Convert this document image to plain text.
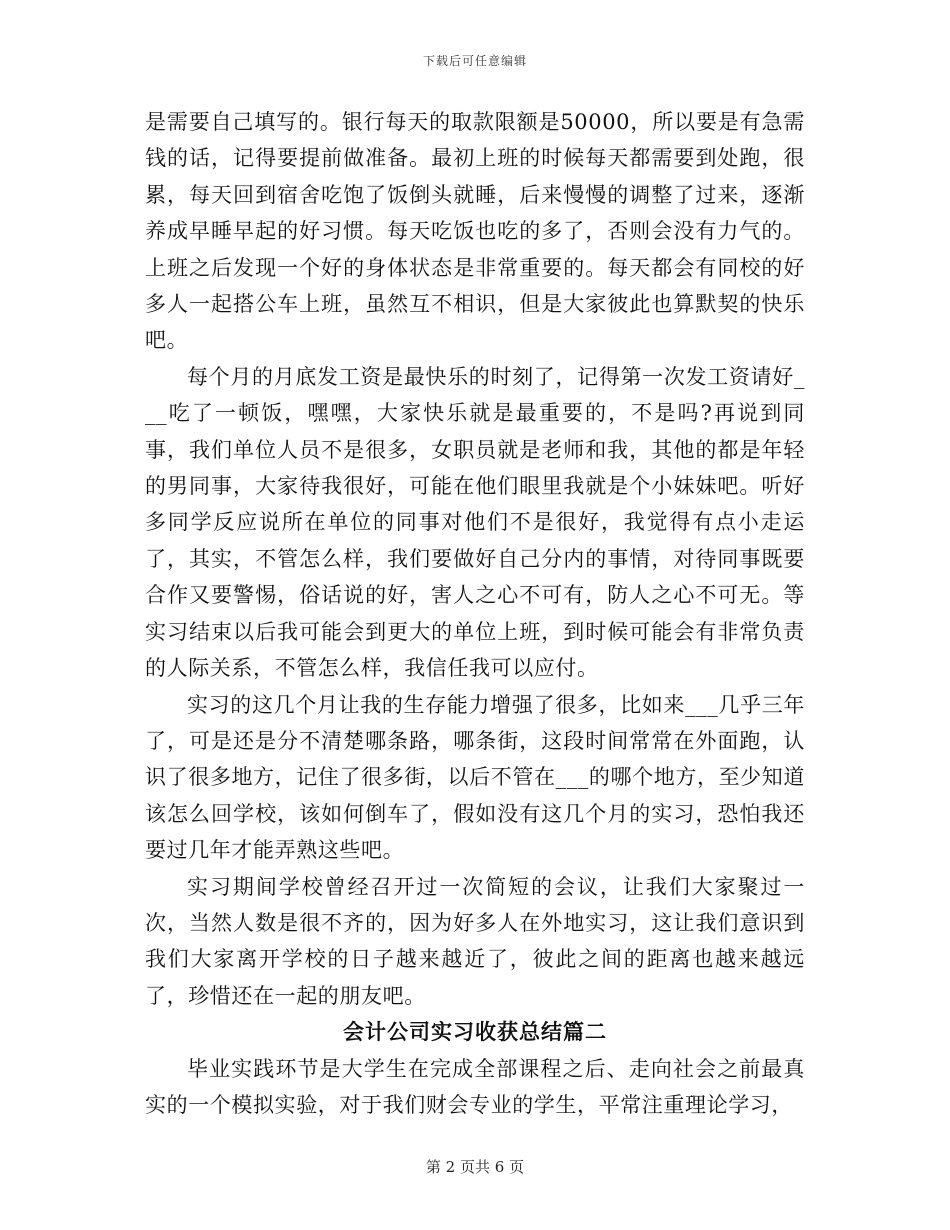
下载后可任意编辑

是需要自己填写的。银行每天的取款限额是50000，所以要是有急需钱的话，记得要提前做准备。最初上班的时候每天都需要到处跑，很累，每天回到宿舍吃饱了饭倒头就睡，后来慢慢的调整了过来，逐渐养成早睡早起的好习惯。每天吃饭也吃的多了，否则会没有力气的。上班之后发现一个好的身体状态是非常重要的。每天都会有同校的好多人一起搭公车上班，虽然互不相识，但是大家彼此也算默契的快乐吧。

每个月的月底发工资是最快乐的时刻了，记得第一次发工资请好___吃了一顿饭，嘿嘿，大家快乐就是最重要的，不是吗?再说到同事，我们单位人员不是很多，女职员就是老师和我，其他的都是年轻的男同事，大家待我很好，可能在他们眼里我就是个小妹妹吧。听好多同学反应说所在单位的同事对他们不是很好，我觉得有点小走运了，其实，不管怎么样，我们要做好自己分内的事情，对待同事既要合作又要警惕，俗话说的好，害人之心不可有，防人之心不可无。等实习结束以后我可能会到更大的单位上班，到时候可能会有非常负责的人际关系，不管怎么样，我信任我可以应付。

实习的这几个月让我的生存能力增强了很多，比如来___几乎三年了，可是还是分不清楚哪条路，哪条街，这段时间常常在外面跑，认识了很多地方，记住了很多街，以后不管在___的哪个地方，至少知道该怎么回学校，该如何倒车了，假如没有这几个月的实习，恐怕我还要过几年才能弄熟这些吧。

实习期间学校曾经召开过一次简短的会议，让我们大家聚过一次，当然人数是很不齐的，因为好多人在外地实习，这让我们意识到我们大家离开学校的日子越来越近了，彼此之间的距离也越来越远了，珍惜还在一起的朋友吧。

会计公司实习收获总结篇二

毕业实践环节是大学生在完成全部课程之后、走向社会之前最真实的一个模拟实验，对于我们财会专业的学生，平常注重理论学习，

第 2 页共 6 页
